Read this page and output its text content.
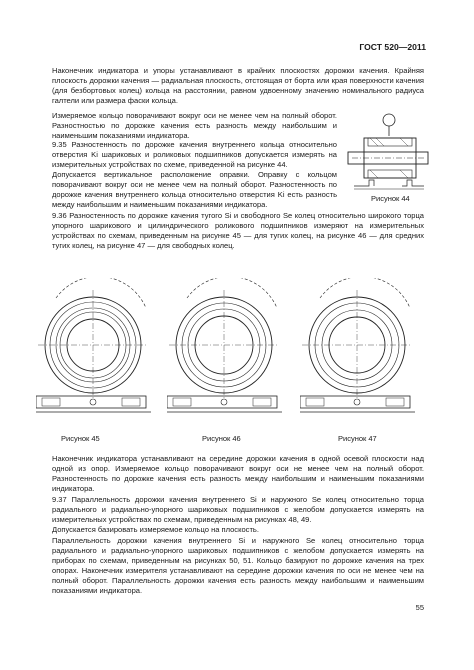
ГОСТ 520—2011

Наконечник индикатора и упоры устанавливают в крайних плоскостях дорожки качения. Крайняя плоскость дорожки качения — радиальная плоскость, отстоящая от борта или края поверхности качения (для безбортовых колец) кольца на расстоянии, равном удвоенному значению номинального радиуса галтели или размера фаски кольца.

Измеряемое кольцо поворачивают вокруг оси не менее чем на полный оборот. Разностностью по дорожке качения есть разность между наибольшим и наименьшим показаниями индикатора.

9.35 Разностенность по дорожке качения внутреннего кольца относительно отверстия Ki шариковых и роликовых подшипников допускается измерять на измерительных устройствах по схеме, приведенной на рисунке 44.

Допускается вертикальное расположение оправки. Оправку с кольцом поворачивают вокруг оси не менее чем на полный оборот. Разностенность по дорожке качения внутреннего кольца относительно отверстия Ki есть разность между наибольшим и наименьшим показаниями индикатора.

9.36 Разностенность по дорожке качения тугого Si и свободного Se колец относительно широкого торца упорного шарикового и цилиндрического роликового подшипников измеряют на измерительных устройствах по схемам, приведенным на рисунке 45 — для тугих колец, на рисунке 46 — для средних тугих колец, на рисунке 47 — для свободных колец.

Рисунок 44
Рисунок 45	Рисунок 46	Рисунок 47

Наконечник индикатора устанавливают на середине дорожки качения в одной осевой плоскости над одной из опор. Измеряемое кольцо поворачивают вокруг оси не менее чем на полный оборот. Разностенность по дорожке качения есть разность между наибольшим и наименьшим показаниями индикатора.

9.37 Параллельность дорожки качения внутреннего Si и наружного Se колец относительно торца радиального и радиально-упорного шариковых подшипников с желобом допускается измерять на измерительных устройствах по схемам, приведенным на рисунках 48, 49.

Допускается базировать измеряемое кольцо на плоскость.

Параллельность дорожки качения внутреннего Si и наружного Se колец относительно торца радиального и радиально-упорного шариковых подшипников с желобом допускается измерять на приборах по схемам, приведенным на рисунках 50, 51. Кольцо базируют по дорожке качения на трех опорах. Наконечник измерителя устанавливают на середине дорожки качения по оси не менее чем на полный оборот. Параллельность дорожки качения есть разность между наибольшим и наименьшим показаниями индикатора.

55
